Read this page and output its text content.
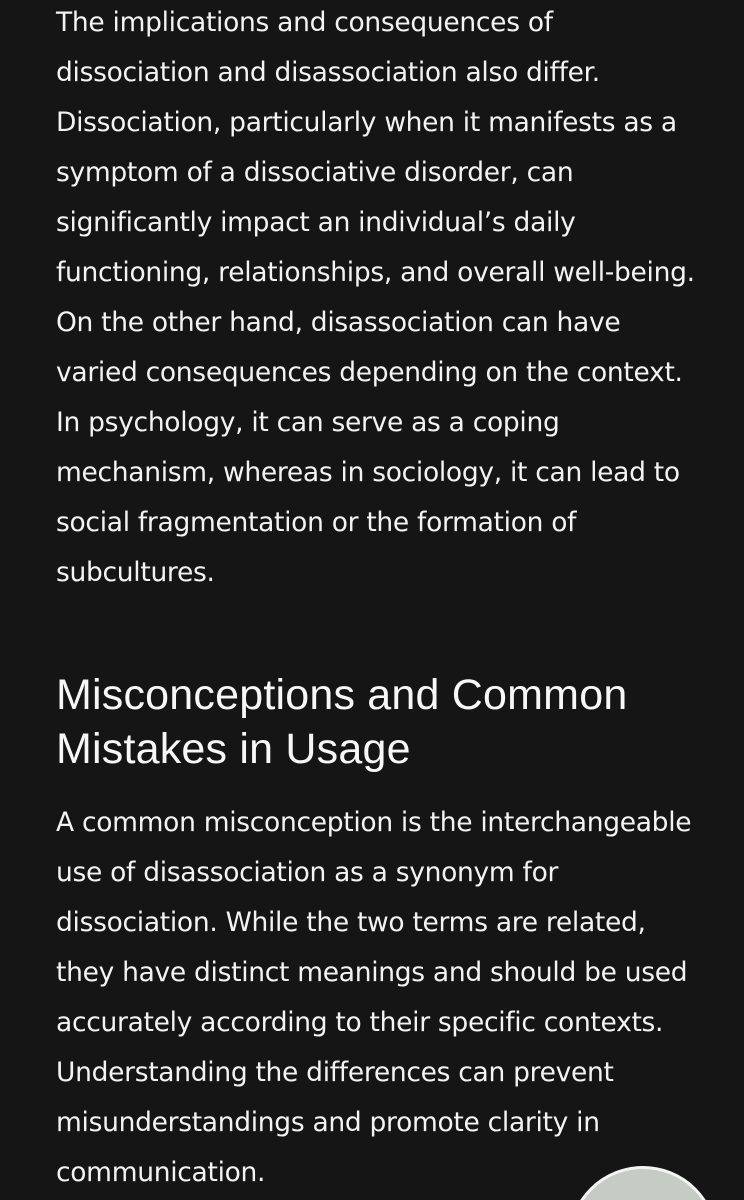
The implications and consequences of dissociation and disassociation also differ. Dissociation, particularly when it manifests as a symptom of a dissociative disorder, can significantly impact an individual’s daily functioning, relationships, and overall well-being. On the other hand, disassociation can have varied consequences depending on the context. In psychology, it can serve as a coping mechanism, whereas in sociology, it can lead to social fragmentation or the formation of subcultures.

Misconceptions and Common Mistakes in Usage

A common misconception is the interchangeable use of disassociation as a synonym for dissociation. While the two terms are related, they have distinct meanings and should be used accurately according to their specific contexts. Understanding the differences can prevent misunderstandings and promote clarity in communication.
